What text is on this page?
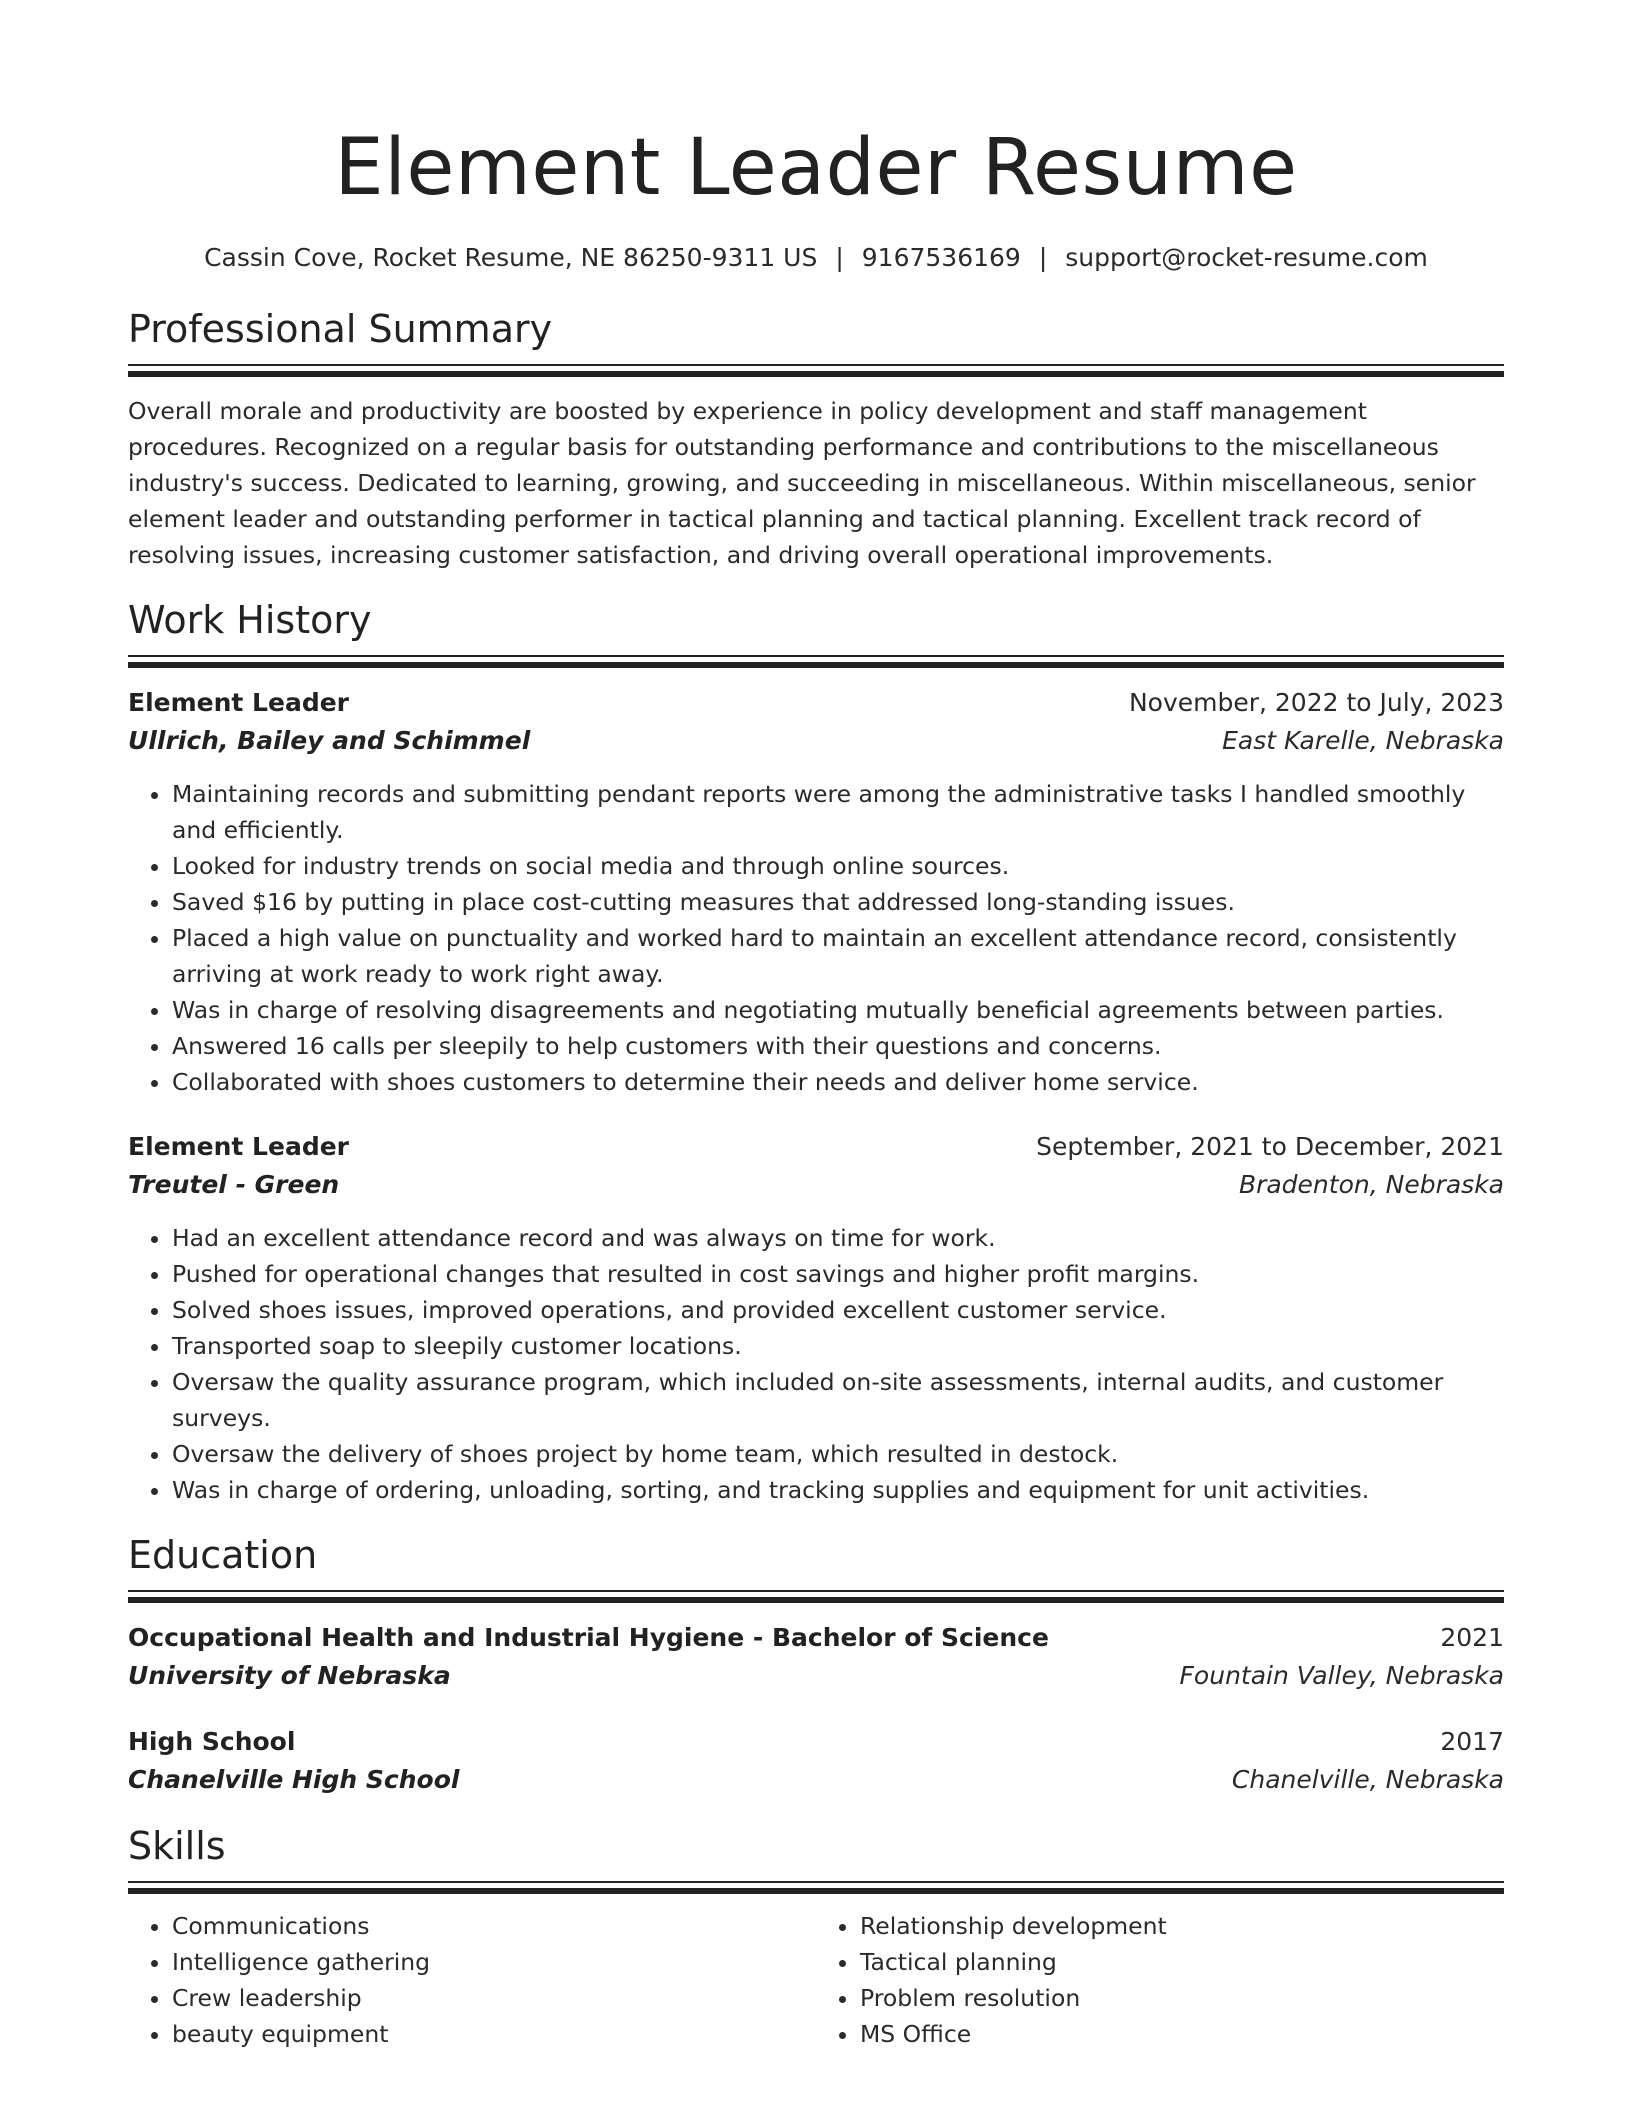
Element Leader Resume
Cassin Cove, Rocket Resume, NE 86250-9311 US | 9167536169 | support@rocket-resume.com
Professional Summary
Overall morale and productivity are boosted by experience in policy development and staff management procedures. Recognized on a regular basis for outstanding performance and contributions to the miscellaneous industry's success. Dedicated to learning, growing, and succeeding in miscellaneous. Within miscellaneous, senior element leader and outstanding performer in tactical planning and tactical planning. Excellent track record of resolving issues, increasing customer satisfaction, and driving overall operational improvements.
Work History
Element Leader	November, 2022 to July, 2023
Ullrich, Bailey and Schimmel	East Karelle, Nebraska
• Maintaining records and submitting pendant reports were among the administrative tasks I handled smoothly and efficiently.
• Looked for industry trends on social media and through online sources.
• Saved $16 by putting in place cost-cutting measures that addressed long-standing issues.
• Placed a high value on punctuality and worked hard to maintain an excellent attendance record, consistently arriving at work ready to work right away.
• Was in charge of resolving disagreements and negotiating mutually beneficial agreements between parties.
• Answered 16 calls per sleepily to help customers with their questions and concerns.
• Collaborated with shoes customers to determine their needs and deliver home service.
Element Leader	September, 2021 to December, 2021
Treutel - Green	Bradenton, Nebraska
• Had an excellent attendance record and was always on time for work.
• Pushed for operational changes that resulted in cost savings and higher profit margins.
• Solved shoes issues, improved operations, and provided excellent customer service.
• Transported soap to sleepily customer locations.
• Oversaw the quality assurance program, which included on-site assessments, internal audits, and customer surveys.
• Oversaw the delivery of shoes project by home team, which resulted in destock.
• Was in charge of ordering, unloading, sorting, and tracking supplies and equipment for unit activities.
Education
Occupational Health and Industrial Hygiene - Bachelor of Science	2021
University of Nebraska	Fountain Valley, Nebraska
High School	2017
Chanelville High School	Chanelville, Nebraska
Skills
• Communications
• Intelligence gathering
• Crew leadership
• beauty equipment
• Relationship development
• Tactical planning
• Problem resolution
• MS Office
